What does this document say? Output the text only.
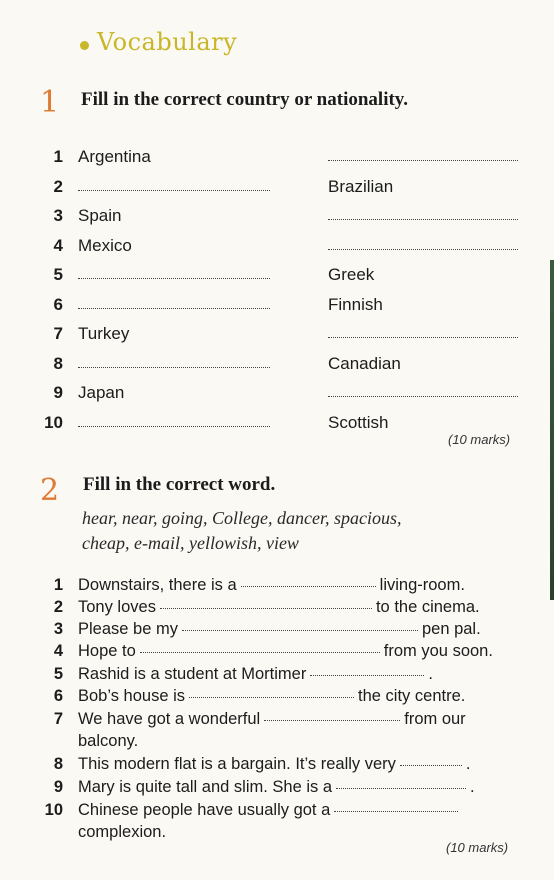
Vocabulary
1 Fill in the correct country or nationality.
1 Argentina
2	Brazilian
3 Spain
4 Mexico
5	Greek
6	Finnish
7 Turkey
8	Canadian
9 Japan
10	Scottish
(10 marks)
2 Fill in the correct word.
hear, near, going, College, dancer, spacious,
cheap, e-mail, yellowish, view
1 Downstairs, there is a	living-room.
2 Tony loves	to the cinema.
3 Please be my	pen pal.
4 Hope to	from you soon.
5 Rashid is a student at Mortimer	.
6 Bob’s house is	the city centre.
7 We have got a wonderful	from our
balcony.
8 This modern flat is a bargain. It’s really very	.
9 Mary is quite tall and slim. She is a	.
10 Chinese people have usually got a
complexion.
(10 marks)
